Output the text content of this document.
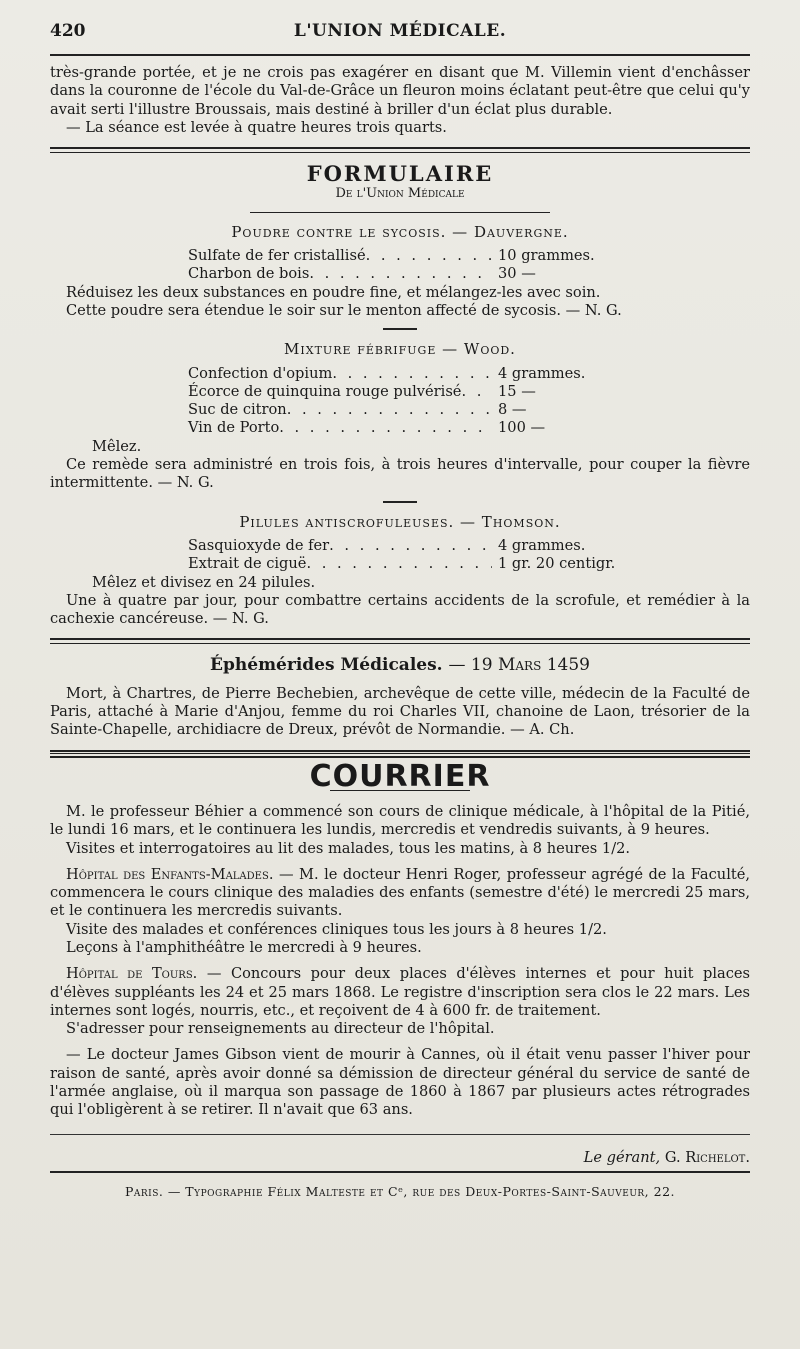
420	L'UNION MÉDICALE.

très-grande portée, et je ne crois pas exagérer en disant que M. Villemin vient d'enchâsser dans la couronne de l'école du Val-de-Grâce un fleuron moins éclatant peut-être que celui qu'y avait serti l'illustre Broussais, mais destiné à briller d'un éclat plus durable.

— La séance est levée à quatre heures trois quarts.

FORMULAIRE
De l'Union Médicale
Poudre contre le sycosis. — Dauvergne.
Sulfate de fer cristallisé . . .	10 grammes.
Charbon de bois . . .	30 —

Réduisez les deux substances en poudre fine, et mélangez-les avec soin.

Cette poudre sera étendue le soir sur le menton affecté de sycosis. — N. G.

Mixture fébrifuge — Wood.
Confection d'opium . . .	4 grammes.
Écorce de quinquina rouge pulvérisé . . .	15 —
Suc de citron . . .	8 —
Vin de Porto . . .	100 —

Mêlez.

Ce remède sera administré en trois fois, à trois heures d'intervalle, pour couper la fièvre intermittente. — N. G.

Pilules antiscrofuleuses. — Thomson.
Sasquioxyde de fer . . .	4 grammes.
Extrait de ciguë . . .	1 gr. 20 centigr.

Mêlez et divisez en 24 pilules.

Une à quatre par jour, pour combattre certains accidents de la scrofule, et remédier à la cachexie cancéreuse. — N. G.

Éphémérides Médicales. — 19 Mars 1459

Mort, à Chartres, de Pierre Bechebien, archevêque de cette ville, médecin de la Faculté de Paris, attaché à Marie d'Anjou, femme du roi Charles VII, chanoine de Laon, trésorier de la Sainte-Chapelle, archidiacre de Dreux, prévôt de Normandie. — A. Ch.

COURRIER

M. le professeur Béhier a commencé son cours de clinique médicale, à l'hôpital de la Pitié, le lundi 16 mars, et le continuera les lundis, mercredis et vendredis suivants, à 9 heures.

Visites et interrogatoires au lit des malades, tous les matins, à 8 heures 1/2.

Hôpital des Enfants-Malades. — M. le docteur Henri Roger, professeur agrégé de la Faculté, commencera le cours clinique des maladies des enfants (semestre d'été) le mercredi 25 mars, et le continuera les mercredis suivants.

Visite des malades et conférences cliniques tous les jours à 8 heures 1/2.

Leçons à l'amphithéâtre le mercredi à 9 heures.

Hôpital de Tours. — Concours pour deux places d'élèves internes et pour huit places d'élèves suppléants les 24 et 25 mars 1868. Le registre d'inscription sera clos le 22 mars. Les internes sont logés, nourris, etc., et reçoivent de 4 à 600 fr. de traitement.

S'adresser pour renseignements au directeur de l'hôpital.

— Le docteur James Gibson vient de mourir à Cannes, où il était venu passer l'hiver pour raison de santé, après avoir donné sa démission de directeur général du service de santé de l'armée anglaise, où il marqua son passage de 1860 à 1867 par plusieurs actes rétrogrades qui l'obligèrent à se retirer. Il n'avait que 63 ans.

Le gérant, G. Richelot.
Paris. — Typographie Félix Malteste et Cᵉ, rue des Deux-Portes-Saint-Sauveur, 22.
